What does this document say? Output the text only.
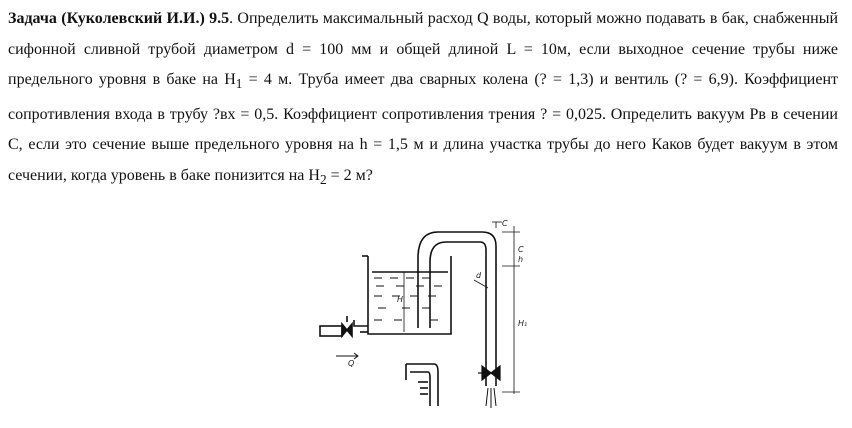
Задача (Куколевский И.И.) 9.5. Определить максимальный расход Q воды, который можно подавать в бак, снабженный сифонной сливной трубой диаметром d = 100 мм и общей длиной L = 10м, если выходное сечение трубы ниже предельного уровня в баке на $H_1 = 4$ м. Труба имеет два сварных колена (? = 1,3) и вентиль (? = 6,9). Коэффициент сопротивления входа в трубу ?вх = 0,5. Коэффициент сопротивления трения ? = 0,025. Определить вакуум Pв в сечении С, если это сечение выше предельного уровня на h = 1,5 м и длина участка трубы до него Каков будет вакуум в этом сечении, когда уровень в баке понизится на $H_2 = 2$ м?
Q
C
C
h
d
H
H₁
